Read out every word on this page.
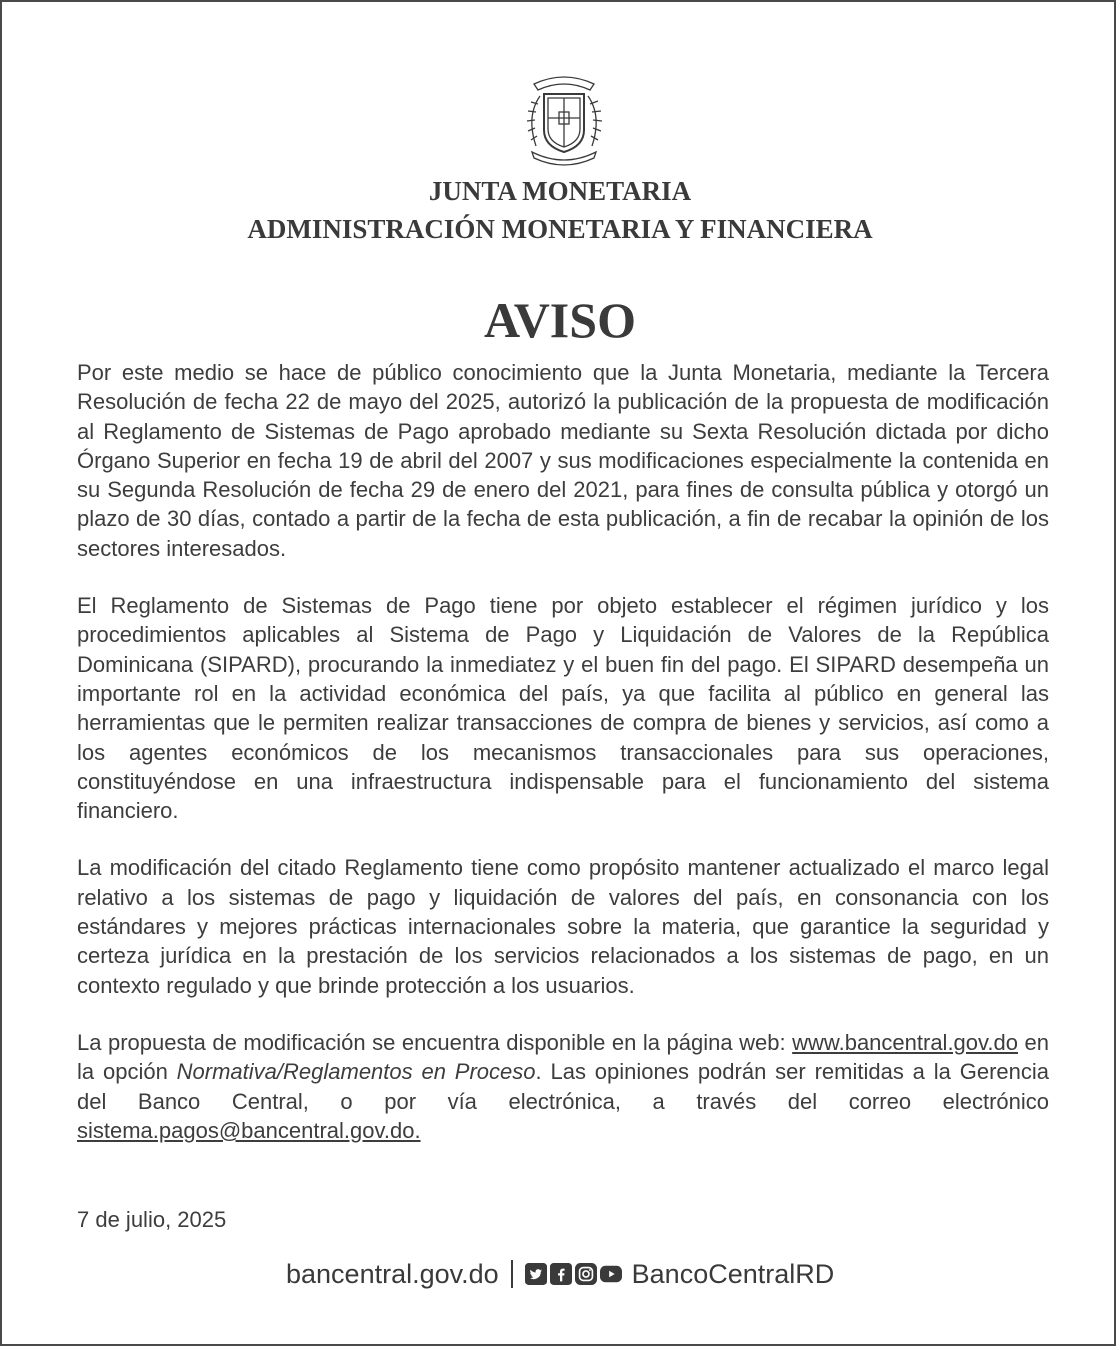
JUNTA MONETARIA
ADMINISTRACIÓN MONETARIA Y FINANCIERA
AVISO

Por este medio se hace de público conocimiento que la Junta Monetaria, mediante la Tercera Resolución de fecha 22 de mayo del 2025, autorizó la publicación de la propuesta de modificación al Reglamento de Sistemas de Pago aprobado mediante su Sexta Resolución dictada por dicho Órgano Superior en fecha 19 de abril del 2007 y sus modificaciones especialmente la contenida en su Segunda Resolución de fecha 29 de enero del 2021, para fines de consulta pública y otorgó un plazo de 30 días, contado a partir de la fecha de esta publicación, a fin de recabar la opinión de los sectores interesados.

El Reglamento de Sistemas de Pago tiene por objeto establecer el régimen jurídico y los procedimientos aplicables al Sistema de Pago y Liquidación de Valores de la República Dominicana (SIPARD), procurando la inmediatez y el buen fin del pago. El SIPARD desempeña un importante rol en la actividad económica del país, ya que facilita al público en general las herramientas que le permiten realizar transacciones de compra de bienes y servicios, así como a los agentes económicos de los mecanismos transaccionales para sus operaciones, constituyéndose en una infraestructura indispensable para el funcionamiento del sistema financiero.

La modificación del citado Reglamento tiene como propósito mantener actualizado el marco legal relativo a los sistemas de pago y liquidación de valores del país, en consonancia con los estándares y mejores prácticas internacionales sobre la materia, que garantice la seguridad y certeza jurídica en la prestación de los servicios relacionados a los sistemas de pago, en un contexto regulado y que brinde protección a los usuarios.

La propuesta de modificación se encuentra disponible en la página web: www.bancentral.gov.do en la opción Normativa/Reglamentos en Proceso. Las opiniones podrán ser remitidas a la Gerencia del Banco Central, o por vía electrónica, a través del correo electrónico sistema.pagos@bancentral.gov.do.

7 de julio, 2025
bancentral.gov.do	BancoCentralRD
